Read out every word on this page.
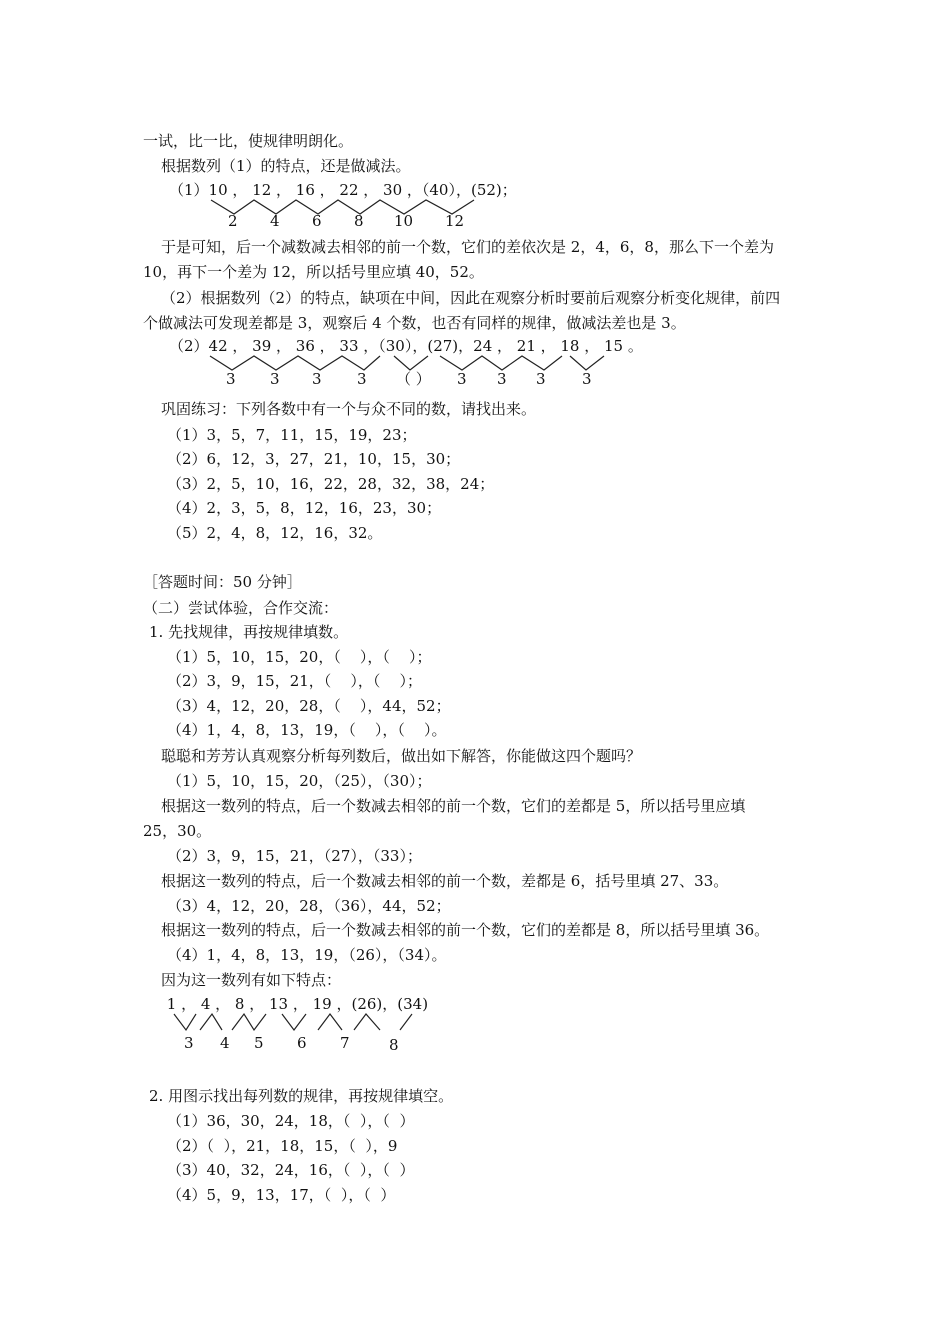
一试，比一比，使规律明朗化。
根据数列（1）的特点，还是做减法。
（1）10 ， 12 ， 16 ， 22 ， 30 ，（40），(52)；
2 4 6 8 10 12
于是可知，后一个减数减去相邻的前一个数，它们的差依次是 2，4，6，8，那么下一个差为
10，再下一个差为 12，所以括号里应填 40，52。
（2）根据数列（2）的特点，缺项在中间，因此在观察分析时要前后观察分析变化规律，前四
个做减法可发现差都是 3，观察后 4 个数，也否有同样的规律，做减法差也是 3。
（2）42 ， 39 ， 36 ， 33 ，（30），(27)，24 ， 21 ， 18 ， 15 。
3 3 3 3 （ ） 3 3 3 3
巩固练习：下列各数中有一个与众不同的数，请找出来。
（1）3，5，7，11，15，19，23；
（2）6，12，3，27，21，10，15，30；
（3）2，5，10，16，22，28，32，38，24；
（4）2，3，5，8，12，16，23，30；
（5）2，4，8，12，16，32。
［答题时间：50 分钟］
（二）尝试体验，合作交流：
1. 先找规律，再按规律填数。
（1）5，10，15，20，（    ），（    ）；
（2）3，9，15，21，（    ），（    ）；
（3）4，12，20，28，（    ），44，52；
（4）1，4，8，13，19，（    ），（    ）。
聪聪和芳芳认真观察分析每列数后，做出如下解答，你能做这四个题吗？
（1）5，10，15，20，（25），（30）；
根据这一数列的特点，后一个数减去相邻的前一个数，它们的差都是 5，所以括号里应填
25，30。
（2）3，9，15，21，（27），（33）；
根据这一数列的特点，后一个数减去相邻的前一个数，差都是 6，括号里填 27、33。
（3）4，12，20，28，（36），44，52；
根据这一数列的特点，后一个数减去相邻的前一个数，它们的差都是 8，所以括号里填 36。
（4）1，4，8，13，19，（26），（34）。
因为这一数列有如下特点：
1 ， 4 ， 8 ， 13 ， 19 ，(26)，(34)
3 4 5 6 7	8
2. 用图示找出每列数的规律，再按规律填空。
（1）36，30，24，18，（  ），（  ）
（2）（  ），21，18，15，（  ），9
（3）40，32，24，16，（  ），（  ）
（4）5，9，13，17，（  ），（  ）
